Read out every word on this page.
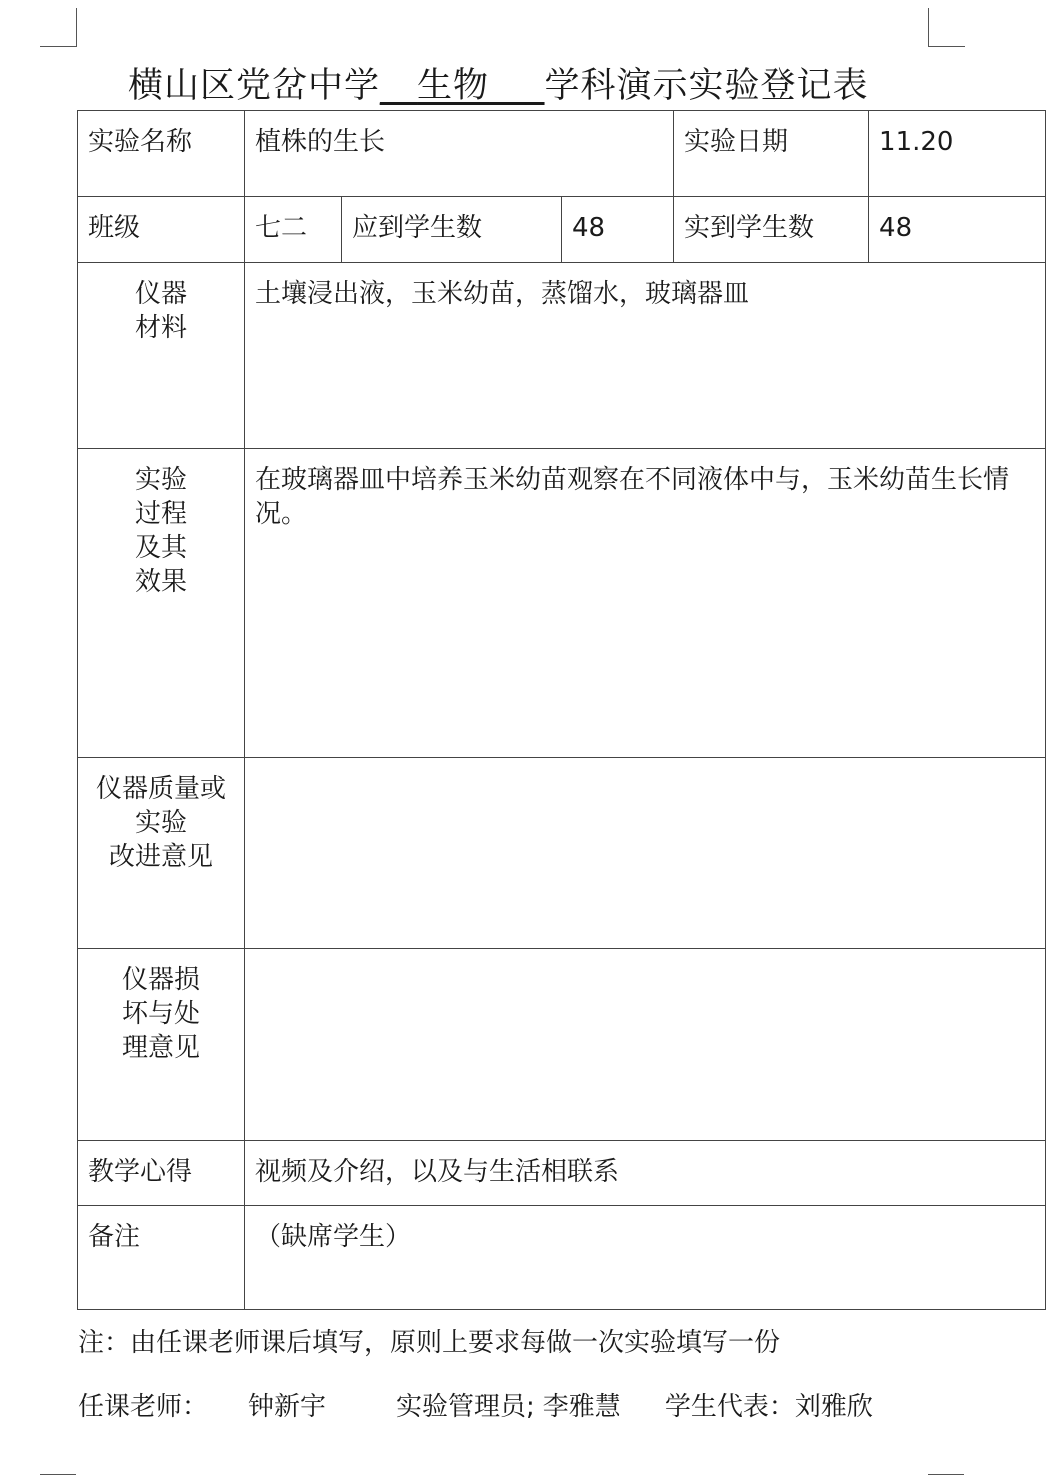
横山区党岔中学__生物___学科演示实验登记表
实验名称	植株的生长			实验日期	11.20
班级	七二	应到学生数	48	实到学生数	48

仪器
材料	土壤浸出液，玉米幼苗，蒸馏水，玻璃器皿				

实验
过程
及其
效果	在玻璃器皿中培养玉米幼苗观察在不同液体中与，玉米幼苗生长情况。				

仪器质量或
实验
改进意见					

仪器损
坏与处
理意见					

教学心得	视频及介绍，以及与生活相联系				
备注	（缺席学生）				
注：由任课老师课后填写，原则上要求每做一次实验填写一份
任课老师： 钟新宇	实验管理员; 李雅慧 学生代表：刘雅欣
